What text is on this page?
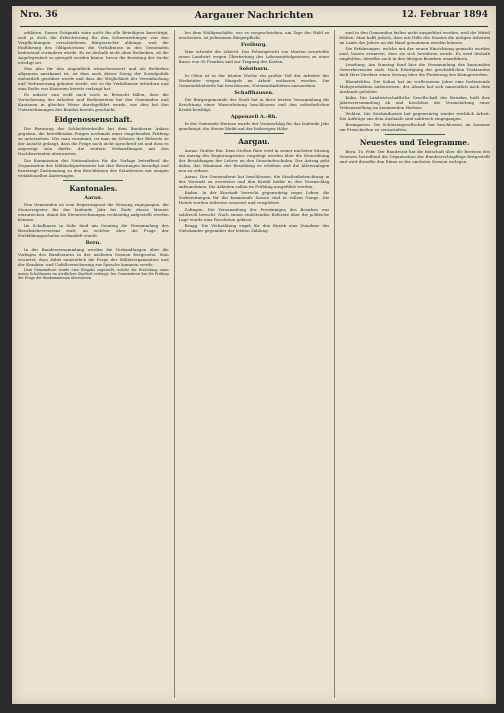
Nro. 36	Aargauer Nachrichten	12. Februar 1894

erklären. Dieser Zeitpunkt wäre nicht für alle Beteiligten berechtigt, weil ja doch die Erleichterung für den Schweizerbürger von den Verpflichtungen verschiedenen Bürgerrechte abhinge, weil die Einführung des Obligatoriums die Verhältnisse in den Gemeinden bedeutend verändern würde. Es ist deshalb nicht ohne Bedenken, ob die Angelegenheit so geregelt werden könne, bevor die Beratung der Sache erledigt sei.

Was also für den Augenblick wünschenswert und als Bedürfnis allgemein anerkannt ist, ist dass auch dieser Zweig der Sozialpolitik einheitlich geordnet werde und dass die Möglichkeit der Vereinfachung und Verbesserung geboten werde, wie es die Verhältnisse erfordern und eine Reihe von Kantonen bereits verlangt hat.

Es müsste nun wohl auch noch in Betracht fallen, dass die Versicherung der Arbeiter und Bediensteten bei den Gemeinden und Kantonen in gleicher Weise durchgeführt werde, wie dies bei den Unternehmungen des Bundes bereits geschieht.

Eidgenossenschaft.

Die Beratung der Schlachtviehzölle hat dem Bundesrat Anlass gegeben, die betreffenden Fragen nochmals einer eingehenden Prüfung zu unterziehen. Wie man vernimmt, ist man im Schosse der Behörde zu der Ansicht gelangt, dass die Frage noch nicht spruchreif sei und dass es angezeigt sein dürfte, die weitern Verhandlungen mit den Nachbarstaaten abzuwarten.

Die Kommission des Nationalrates für die Vorlage betreffend die Organisation des Militärdepartements hat ihre Beratungen beendigt und beantragt Zustimmung zu den Beschlüssen des Ständerates mit einigen redaktionellen Änderungen.

Kantonales.
Aarau.

Den Gemeinden ist vom Regierungsrat die Weisung zugegangen, die Steuerregister für das laufende Jahr bis Ende dieses Monats einzureichen, damit die Steuerrechnungen rechtzeitig aufgestellt werden können.

Im Schulhause in Suhr fand am Sonntag die Versammlung des Bezirkslehrervereins statt, an welcher über die Frage der Fortbildungsschulen verhandelt wurde.

Bern.

In der Bundesversammlung werden die Verhandlungen über die Vorlagen des Bundesrates in der nächsten Session fortgesetzt. Man erwartet, dass dabei namentlich die Frage der Militärorganisation und der Kranken- und Unfallversicherung zur Sprache kommen werde.

Dem Gemeinderat wurde eine Eingabe zugestellt, welche die Errichtung eines neuen Schulhauses im nördlichen Stadtteil verlangt. Der Gemeinderat hat die Prüfung der Frage der Baukommission überwiesen.

bei dem Wahlgeschäfte, wie es vorgeschrieben, am Tage der Wahl zu erscheinen, ist jedermann Bürgerpflicht.

Freiburg.

Man schreibt der Liberté: Das Polizeigericht von Murten verurteilte einen Landwirt wegen Übertretung des Lebensmittelgesetzes zu einer Busse von 50 Franken und zur Tragung der Kosten.

Solothurn.

In Olten ist in der letzten Woche ein großer Teil der Arbeiter der Werkstätte wegen Mangels an Arbeit entlassen worden. Die Gemeindebehörde hat beschlossen, Notstandsarbeiten anzuordnen.

Schaffhausen.

Die Bürgergemeinde der Stadt hat in ihrer letzten Versammlung die Errichtung einer Wasserleitung beschlossen und den erforderlichen Kredit bewilligt.

Appenzell A.-Rh.

In der Gemeinde Herisau wurde der Voranschlag für das laufende Jahr genehmigt; die Steuer bleibt auf der bisherigen Höhe.

Aargau.

Aarau. Großer Rat. Dem Großen Rate wird in seiner nächsten Sitzung ein Antrag des Regierungsrates vorgelegt werden über die Neuordnung der Besoldungen der Lehrer an den Gemeindeschulen. Der Antrag geht dahin, das Minimum der Besoldung zu erhöhen und die Alterszulagen neu zu ordnen.

Aarau. Der Gemeinderat hat beschlossen, die Straßenbeleuchtung in der Vorstadt zu erweitern und den Kredit hiefür in den Voranschlag aufzunehmen. Die Arbeiten sollen im Frühling ausgeführt werden.

Baden. In der Kurstadt herrscht gegenwärtig reges Leben; die Vorbereitungen für die kommende Saison sind in vollem Gange. Die Hotels werden teilweise erneuert und vergrößert.

Zofingen. Die Versammlung der Freisinnigen des Bezirkes war zahlreich besucht. Nach einem einleitenden Referate über die politische Lage wurde eine Resolution gefasst.

Brugg. Die Viehzählung ergab für den Bezirk eine Zunahme des Viehstandes gegenüber der letzten Zählung.

sind in den Gemeinden bisher nicht ausgeführt worden, weil die Mittel fehlten. Man hofft jedoch, dass mit Hilfe des Staates die nötigen Arbeiten im Laufe des Jahres an die Hand genommen werden können.

Die Erfahrungen, welche mit der neuen Einrichtung gemacht worden sind, lassen erwarten, dass sie sich bewähren werde. Es wird deshalb empfohlen, dieselbe auch in den übrigen Bezirken einzuführen.

Lenzburg. Am Sonntag fand hier die Versammlung des kantonalen Gewerbevereins statt. Nach Erledigung der geschäftlichen Traktanden hielt Herr Direktor einen Vortrag über die Förderung des Kleingewerbes.

Rheinfelden. Die Saline hat im verflossenen Jahre eine bedeutende Mehrproduktion aufzuweisen; der Absatz hat sich namentlich nach dem Auslande gehoben.

Kulm. Die Landwirtschaftliche Gesellschaft des Bezirkes hielt ihre Jahresversammlung ab und beschloss die Veranstaltung einer Viehausstellung im kommenden Herbste.

Wohlen. Die Strohindustrie hat gegenwärtig wieder reichlich Arbeit. Die Aufträge aus dem Auslande sind zahlreich eingegangen.

Bremgarten. Die Schützengesellschaft hat beschlossen, im Sommer ein Freischießen zu veranstalten.

Neuestes und Telegramme.

Bern, 10. Febr. Der Bundesrat hat die Botschaft über die Revision des Gesetzes betreffend die Organisation der Bundesrechtspflege festgestellt und wird dieselbe den Räten in der nächsten Session vorlegen.
